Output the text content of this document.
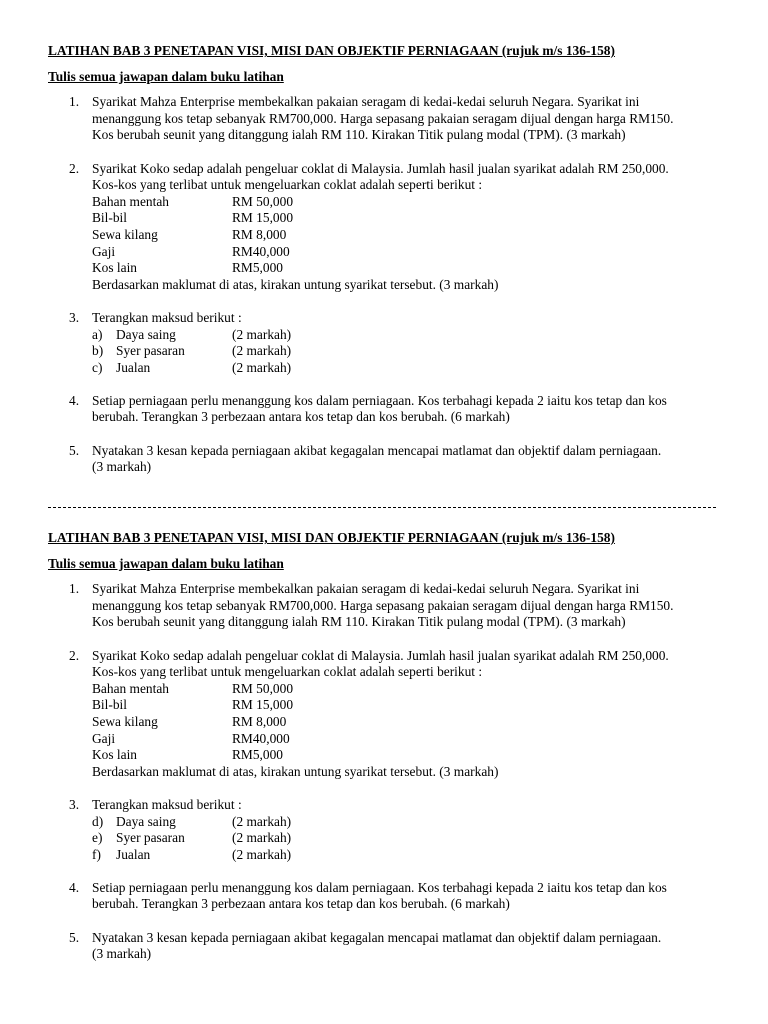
LATIHAN BAB 3 PENETAPAN VISI, MISI DAN OBJEKTIF PERNIAGAAN (rujuk m/s 136-158)
Tulis semua jawapan dalam buku latihan
1. Syarikat Mahza Enterprise membekalkan pakaian seragam di kedai-kedai seluruh Negara. Syarikat ini
menanggung kos tetap sebanyak RM700,000. Harga sepasang pakaian seragam dijual dengan harga RM150.
Kos berubah seunit yang ditanggung ialah RM 110. Kirakan Titik pulang modal (TPM). (3 markah)
2. Syarikat Koko sedap adalah pengeluar coklat di Malaysia. Jumlah hasil jualan syarikat adalah RM 250,000.
Kos-kos yang terlibat untuk mengeluarkan coklat adalah seperti berikut :
Bahan mentah	RM 50,000
Bil-bil	RM 15,000
Sewa kilang	RM 8,000
Gaji	RM40,000
Kos lain	RM5,000
Berdasarkan maklumat di atas, kirakan untung syarikat tersebut. (3 markah)
3. Terangkan maksud berikut :
a)	Daya saing	(2 markah)
b) Syer pasaran	(2 markah)
c)	Jualan	(2 markah)
4. Setiap perniagaan perlu menanggung kos dalam perniagaan. Kos terbahagi kepada 2 iaitu kos tetap dan kos
berubah. Terangkan 3 perbezaan antara kos tetap dan kos berubah. (6 markah)
5. Nyatakan 3 kesan kepada perniagaan akibat kegagalan mencapai matlamat dan objektif dalam perniagaan.
(3 markah)
LATIHAN BAB 3 PENETAPAN VISI, MISI DAN OBJEKTIF PERNIAGAAN (rujuk m/s 136-158)
Tulis semua jawapan dalam buku latihan
1. Syarikat Mahza Enterprise membekalkan pakaian seragam di kedai-kedai seluruh Negara. Syarikat ini
menanggung kos tetap sebanyak RM700,000. Harga sepasang pakaian seragam dijual dengan harga RM150.
Kos berubah seunit yang ditanggung ialah RM 110. Kirakan Titik pulang modal (TPM). (3 markah)
2. Syarikat Koko sedap adalah pengeluar coklat di Malaysia. Jumlah hasil jualan syarikat adalah RM 250,000.
Kos-kos yang terlibat untuk mengeluarkan coklat adalah seperti berikut :
Bahan mentah	RM 50,000
Bil-bil	RM 15,000
Sewa kilang	RM 8,000
Gaji	RM40,000
Kos lain	RM5,000
Berdasarkan maklumat di atas, kirakan untung syarikat tersebut. (3 markah)
3. Terangkan maksud berikut :
d) Daya saing	(2 markah)
e)	Syer pasaran	(2 markah)
f)	Jualan	(2 markah)
4. Setiap perniagaan perlu menanggung kos dalam perniagaan. Kos terbahagi kepada 2 iaitu kos tetap dan kos
berubah. Terangkan 3 perbezaan antara kos tetap dan kos berubah. (6 markah)
5. Nyatakan 3 kesan kepada perniagaan akibat kegagalan mencapai matlamat dan objektif dalam perniagaan.
(3 markah)
